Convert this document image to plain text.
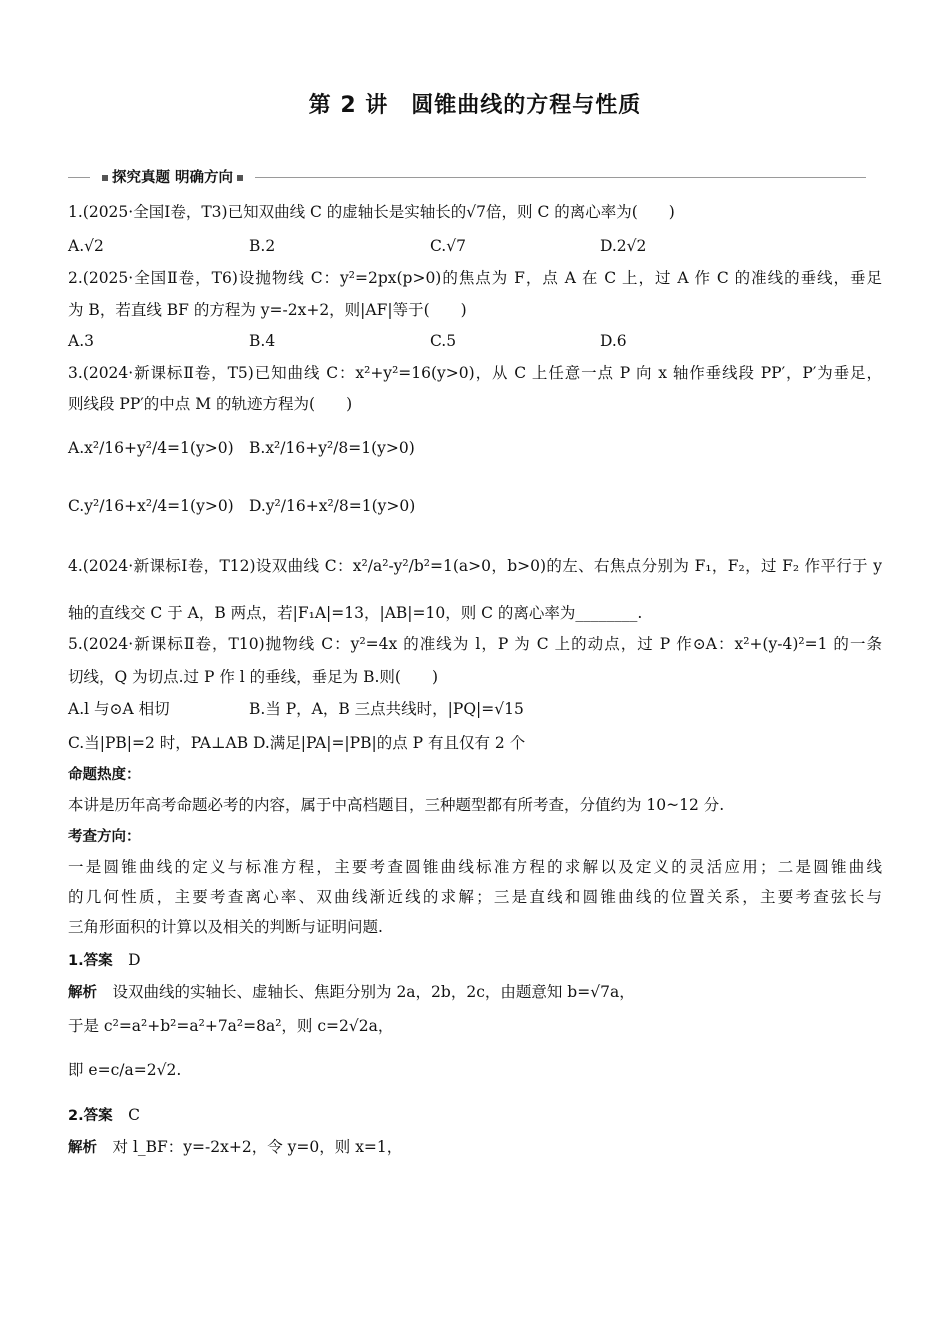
第 2 讲　圆锥曲线的方程与性质
探究真题 明确方向
1.(2025·全国Ⅰ卷，T3)已知双曲线 C 的虚轴长是实轴长的√7倍，则 C 的离心率为(　　)
A.√2	B.2	C.√7	D.2√2
2.(2025·全国Ⅱ卷，T6)设抛物线 C：y²=2px(p>0)的焦点为 F，点 A 在 C 上，过 A 作 C 的准线的垂线，垂足
为 B，若直线 BF 的方程为 y=-2x+2，则|AF|等于(　　)
A.3	B.4	C.5	D.6
3.(2024·新课标Ⅱ卷，T5)已知曲线 C：x²+y²=16(y>0)，从 C 上任意一点 P 向 x 轴作垂线段 PP′，P′为垂足，
则线段 PP′的中点 M 的轨迹方程为(　　)
A.x²/16+y²/4=1(y>0) B.x²/16+y²/8=1(y>0)
C.y²/16+x²/4=1(y>0) D.y²/16+x²/8=1(y>0)
4.(2024·新课标Ⅰ卷，T12)设双曲线 C：x²/a²-y²/b²=1(a>0，b>0)的左、右焦点分别为 F₁，F₂，过 F₂ 作平行于 y
轴的直线交 C 于 A，B 两点，若|F₁A|=13，|AB|=10，则 C 的离心率为________.
5.(2024·新课标Ⅱ卷，T10)抛物线 C：y²=4x 的准线为 l，P 为 C 上的动点，过 P 作⊙A：x²+(y-4)²=1 的一条
切线，Q 为切点.过 P 作 l 的垂线，垂足为 B.则(　　)
A.l 与⊙A 相切	B.当 P，A，B 三点共线时，|PQ|=√15
C.当|PB|=2 时，PA⊥AB D.满足|PA|=|PB|的点 P 有且仅有 2 个
命题热度：
本讲是历年高考命题必考的内容，属于中高档题目，三种题型都有所考查，分值约为 10~12 分.
考查方向：
一是圆锥曲线的定义与标准方程，主要考查圆锥曲线标准方程的求解以及定义的灵活应用；二是圆锥曲线
的几何性质，主要考查离心率、双曲线渐近线的求解；三是直线和圆锥曲线的位置关系，主要考查弦长与
三角形面积的计算以及相关的判断与证明问题.
1.答案　 D
解析　 设双曲线的实轴长、虚轴长、焦距分别为 2a，2b，2c，由题意知 b=√7a，
于是 c²=a²+b²=a²+7a²=8a²，则 c=2√2a，
即 e=c/a=2√2.
2.答案　 C
解析　 对 l_BF：y=-2x+2，令 y=0，则 x=1，
